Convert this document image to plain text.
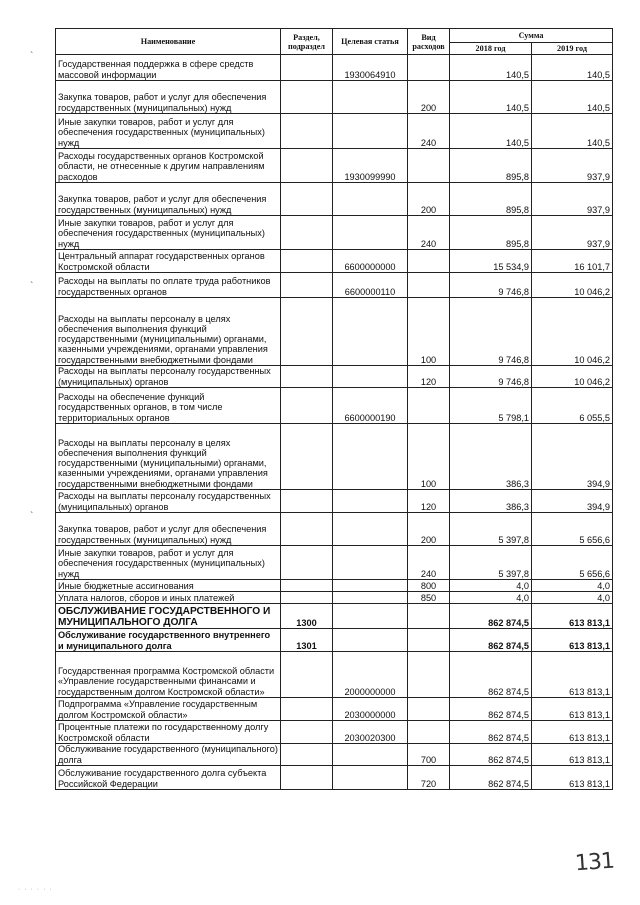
`
`
`
Наименование	Раздел, подраздел	Целевая статья	Вид расходов	Сумма	
				2018 год	2019 год
Государственная поддержка в сфере средств массовой информации		1930064910		140,5	140,5
Закупка товаров, работ и услуг для обеспечения государственных (муниципальных) нужд			200	140,5	140,5
Иные закупки товаров, работ и услуг для обеспечения государственных (муниципальных) нужд			240	140,5	140,5
Расходы государственных органов Костромской области, не отнесенные к другим направлениям расходов		1930099990		895,8	937,9
Закупка товаров, работ и услуг для обеспечения государственных (муниципальных) нужд			200	895,8	937,9
Иные закупки товаров, работ и услуг для обеспечения государственных (муниципальных) нужд			240	895,8	937,9
Центральный аппарат государственных органов Костромской области		6600000000		15 534,9	16 101,7
Расходы на выплаты по оплате труда работников государственных органов		6600000110		9 746,8	10 046,2
Расходы на выплаты персоналу в целях обеспечения выполнения функций государственными (муниципальными) органами, казенными учреждениями, органами управления государственными внебюджетными фондами			100	9 746,8	10 046,2
Расходы на выплаты персоналу государственных (муниципальных) органов			120	9 746,8	10 046,2
Расходы на обеспечение функций государственных органов, в том числе территориальных органов		6600000190		5 798,1	6 055,5
Расходы на выплаты персоналу в целях обеспечения выполнения функций государственными (муниципальными) органами, казенными учреждениями, органами управления государственными внебюджетными фондами			100	386,3	394,9
Расходы на выплаты персоналу государственных (муниципальных) органов			120	386,3	394,9
Закупка товаров, работ и услуг для обеспечения государственных (муниципальных) нужд			200	5 397,8	5 656,6
Иные закупки товаров, работ и услуг для обеспечения государственных (муниципальных) нужд			240	5 397,8	5 656,6
Иные бюджетные ассигнования			800	4,0	4,0
Уплата налогов, сборов и иных платежей			850	4,0	4,0
ОБСЛУЖИВАНИЕ ГОСУДАРСТВЕННОГО И МУНИЦИПАЛЬНОГО ДОЛГА	1300			862 874,5	613 813,1
Обслуживание государственного внутреннего и муниципального долга	1301			862 874,5	613 813,1
Государственная программа Костромской области «Управление государственными финансами и государственным долгом Костромской области»		2000000000		862 874,5	613 813,1
Подпрограмма «Управление государственным долгом Костромской области»		2030000000		862 874,5	613 813,1
Процентные платежи по государственному долгу Костромской области		2030020300		862 874,5	613 813,1
Обслуживание государственного (муниципального) долга			700	862 874,5	613 813,1
Обслуживание государственного долга субъекта Российской Федерации			720	862 874,5	613 813,1
131
· · · · · ·
